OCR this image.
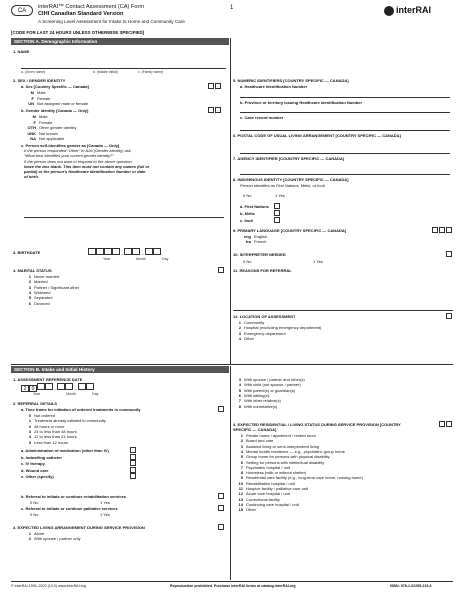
CA
interRAI™ Contact Assessment (CA) Form
CIHI Canadian Standard Version
A Screening Level Assessment for Intake to Home and Community Care
1	interRAI
[CODE FOR LAST 24 HOURS UNLESS OTHERWISE SPECIFIED]
SECTION A. Demographic Information
1. NAME
a. (Given name)	b. (Middle initial)	c. (Family name)
2. SEX / GENDER IDENTITY
a. Sex [Country Specific — Canada]
M Male
F Female
UN Not assigned male or female
b. Gender identity [Canada — Only]
M Male
F Female
OTH Other gender identity
UNK Not known
NA Not applicable
c. Person self-identifies gender as [Canada — Only]
If the person responded “Other” to A2b (Gender identity) ask,
“What best identifies your current gender identity?”
If the person does not want to respond to the above question,
leave the box blank. This item must not contain any names (full or
partial) or the person’s Healthcare Identification Number or date
of birth.
3. BIRTHDATE	–	–
Year	Month	Day
4. MARITAL STATUS
1 Never married
2 Married
3 Partner / Significant other
4 Widowed
5 Separated
6 Divorced
5. NUMERIC IDENTIFIERS [COUNTRY SPECIFIC — CANADA]
a. Healthcare Identification Number
b. Province or territory issuing Healthcare Identification Number
c. Case record number
6. POSTAL CODE OF USUAL LIVING ARRANGEMENT [COUNTRY SPECIFIC — CANADA]
7. AGENCY IDENTIFIER [COUNTRY SPECIFIC — CANADA]
8. INDIGENOUS IDENTITY [COUNTRY SPECIFIC — CANADA]
Person identifies as First Nations, Métis, or Inuit
0 No	1 Yes
a. First Nations
b. Métis
c. Inuit
9. PRIMARY LANGUAGE [COUNTRY SPECIFIC — CANADA]
eng English
fra French
10. INTERPRETER NEEDED
0 No	1 Yes
11. REASONS FOR REFERRAL
12. LOCATION OF ASSESSMENT
1 Community
2 Hospital (excluding emergency department)
3 Emergency department
4 Other
SECTION B. Intake and Initial History
1. ASSESSMENT REFERENCE DATE
2 0	–	–
Year	Month	Day
2. REFERRAL DETAILS
a. Time frame for initiation of ordered treatments in community
0 Not ordered
1 Treatment already initiated in community
2 48 hours or more
3 24 to less than 48 hours
4 12 to less than 24 hours
5 Less than 12 hours
a. Administration of medication (other than IV)
b. Indwelling catheter
c. IV therapy
d. Wound care
e. Other (specify)
b. Referral to initiate or continue rehabilitation services
0 No	1 Yes
c. Referral to initiate or continue palliative services
0 No	1 Yes
3. EXPECTED LIVING ARRANGEMENT DURING SERVICE PROVISION
1 Alone
2 With spouse / partner only
3 With spouse / partner and other(s)
4 With child (not spouse / partner)
5 With parent(s) or guardian(s)
6 With sibling(s)
7 With other relative(s)
8 With nonrelative(s)
4. EXPECTED RESIDENTIAL / LIVING STATUS DURING SERVICE PROVISION [COUNTRY SPECIFIC — CANADA]
1 Private home / apartment / rented room
2 Board and care
3 Assisted living or semi-independent living
4 Mental health residence — e.g., psychiatric group home
5 Group home for persons with physical disability
6 Setting for persons with intellectual disability
7 Psychiatric hospital / unit
8 Homeless (with or without shelter)
9 Residential care facility (e.g., long-term care home, nursing home)
10 Rehabilitation hospital / unit
11 Hospice facility / palliative care unit
12 Acute care hospital / unit
13 Correctional facility
14 Continuing care hospital / unit
15 Other
© interRAI 1994–2022 (10.0) www.interRAI.org	Reproduction prohibited. Purchase interRAI forms at catalog.interRAI.org	ISBN: 978-1-62255-215-3
